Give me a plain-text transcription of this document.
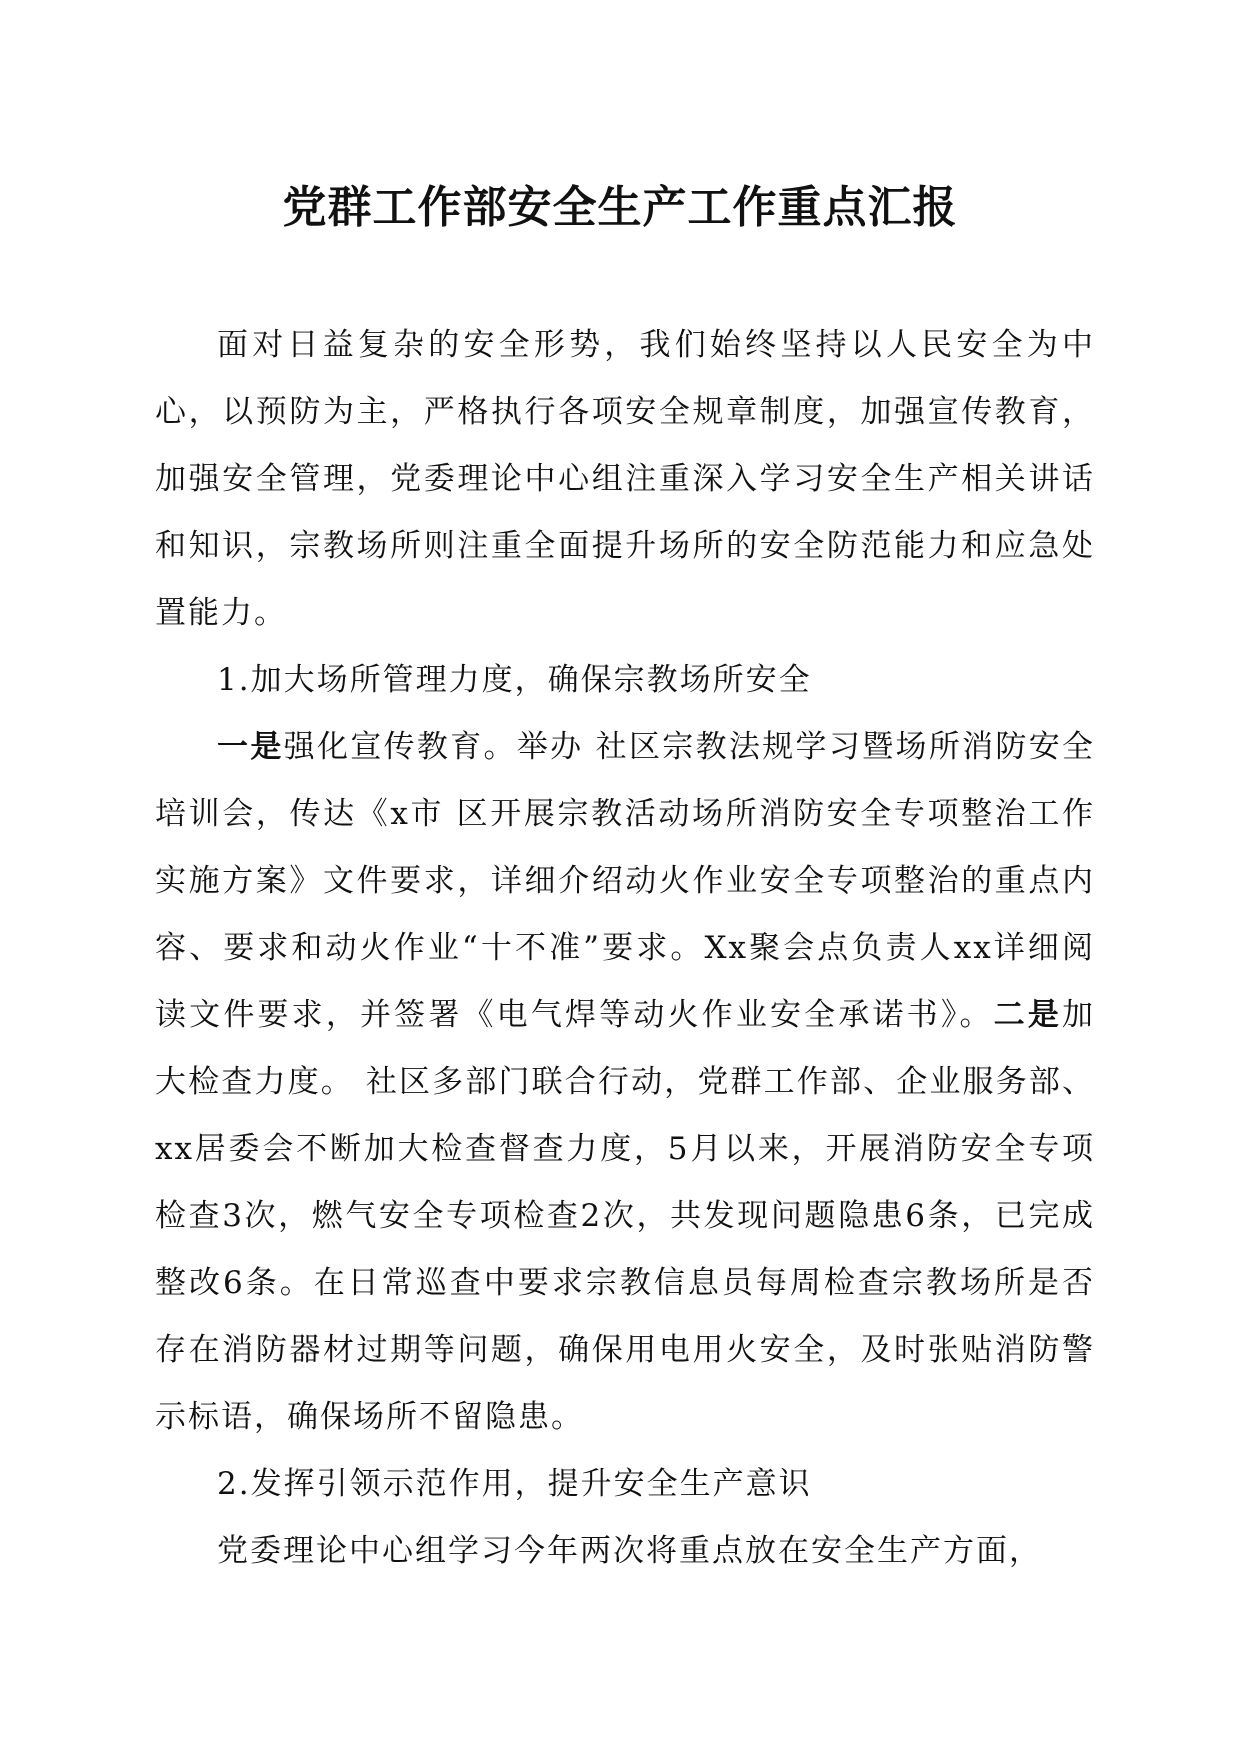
党群工作部安全生产工作重点汇报

面对日益复杂的安全形势，我们始终坚持以人民安全为中心，以预防为主，严格执行各项安全规章制度，加强宣传教育，加强安全管理，党委理论中心组注重深入学习安全生产相关讲话和知识，宗教场所则注重全面提升场所的安全防范能力和应急处置能力。

1.加大场所管理力度，确保宗教场所安全

一是强化宣传教育。举办 社区宗教法规学习暨场所消防安全培训会，传达《x市 区开展宗教活动场所消防安全专项整治工作实施方案》文件要求，详细介绍动火作业安全专项整治的重点内容、要求和动火作业“十不准”要求。Xx聚会点负责人xx详细阅读文件要求，并签署《电气焊等动火作业安全承诺书》。二是加大检查力度。 社区多部门联合行动，党群工作部、企业服务部、xx居委会不断加大检查督查力度，5月以来，开展消防安全专项检查3次，燃气安全专项检查2次，共发现问题隐患6条，已完成整改6条。在日常巡查中要求宗教信息员每周检查宗教场所是否存在消防器材过期等问题，确保用电用火安全，及时张贴消防警示标语，确保场所不留隐患。

2.发挥引领示范作用，提升安全生产意识

党委理论中心组学习今年两次将重点放在安全生产方面，
